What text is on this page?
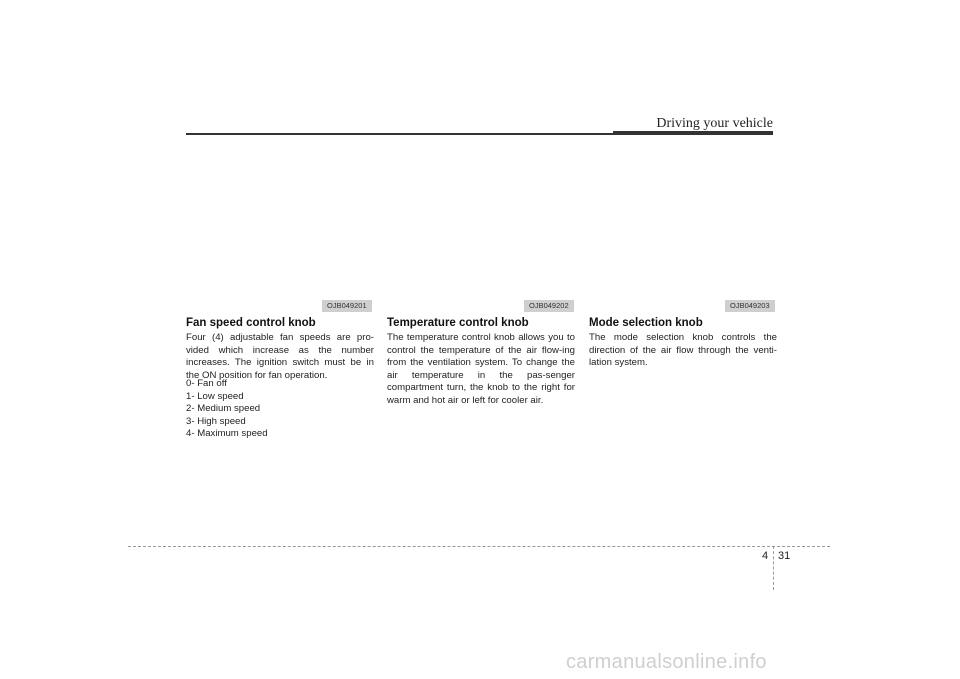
Driving your vehicle
OJB049201	OJB049202	OJB049203
Fan speed control knob	Temperature control knob	Mode selection knob
Four (4) adjustable fan speeds are pro-vided which increase as the number increases. The ignition switch must be in the ON position for fan operation.
The temperature control knob allows you to control the temperature of the air flow-ing from the ventilation system. To change the air temperature in the pas-senger compartment turn, the knob to the right for warm and hot air or left for cooler air.
The mode selection knob controls the direction of the air flow through the venti-lation system.
0- Fan off
1- Low speed
2- Medium speed
3- High speed
4- Maximum speed
4 31
carmanualsonline.info
